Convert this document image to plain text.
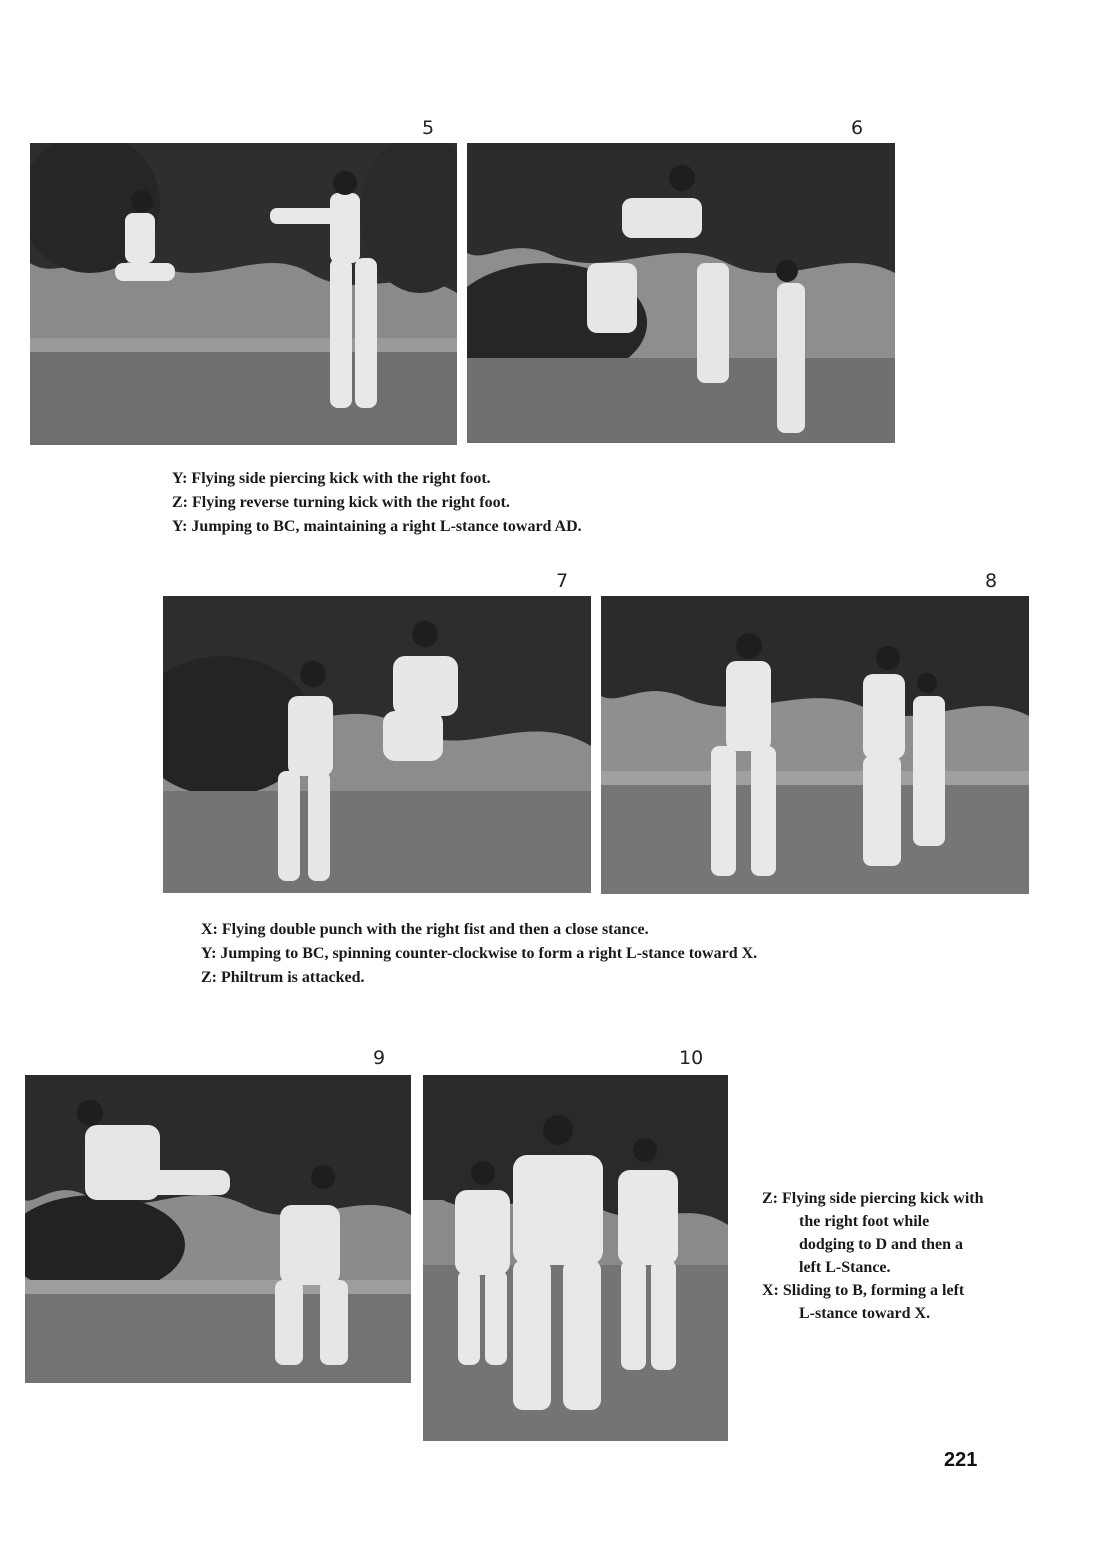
5	6

Y: Flying side piercing kick with the right foot.

Z: Flying reverse turning kick with the right foot.

Y: Jumping to BC, maintaining a right L-stance toward AD.

7	8

X: Flying double punch with the right fist and then a close stance.

Y: Jumping to BC, spinning counter-clockwise to form a right L-stance toward X.

Z: Philtrum is attacked.

9	10

Z: Flying side piercing kick with the right foot while dodging to D and then a left L-Stance.

X: Sliding to B, forming a left L-stance toward X.

221
